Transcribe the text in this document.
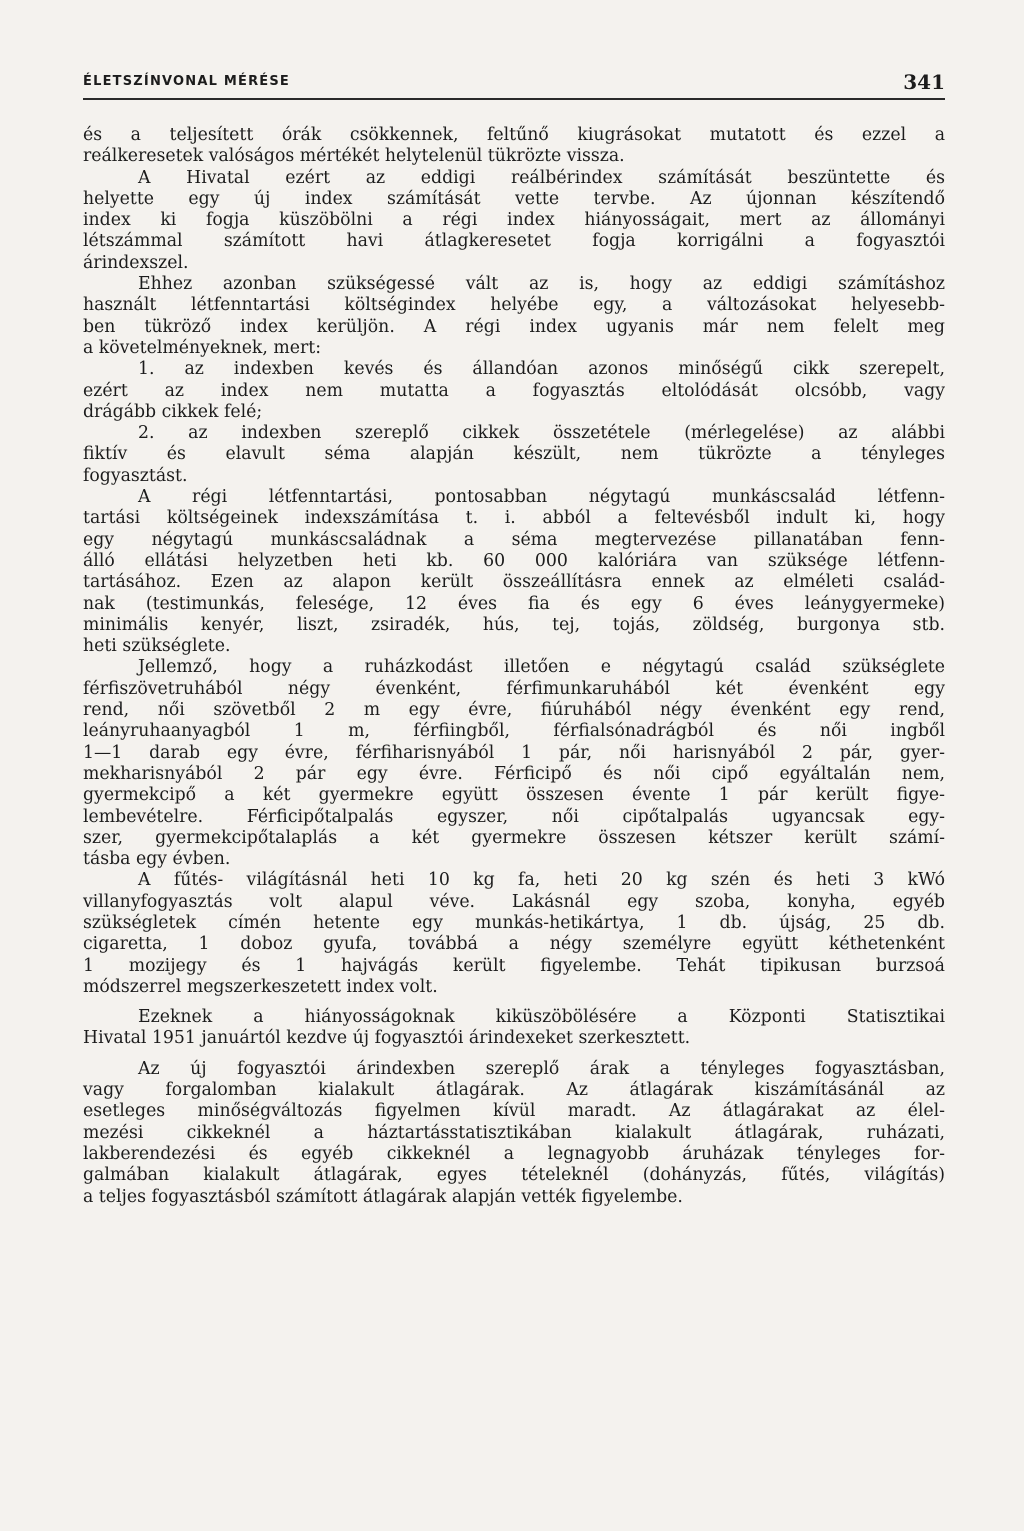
ÉLETSZÍNVONAL MÉRÉSE	341
és a teljesített órák csökkennek, feltűnő kiugrásokat mutatott és ezzel a
reálkeresetek valóságos mértékét helytelenül tükrözte vissza.
A Hivatal ezért az eddigi reálbérindex számítását beszüntette és
helyette egy új index számítását vette tervbe. Az újonnan készítendő
index ki fogja küszöbölni a régi index hiányosságait, mert az állományi
létszámmal számított havi átlagkeresetet fogja korrigálni a fogyasztói
árindexszel.
Ehhez azonban szükségessé vált az is, hogy az eddigi számításhoz
használt létfenntartási költségindex helyébe egy, a változásokat helyesebb-
ben tükröző index kerüljön. A régi index ugyanis már nem felelt meg
a követelményeknek, mert:
1. az indexben kevés és állandóan azonos minőségű cikk szerepelt,
ezért az index nem mutatta a fogyasztás eltolódását olcsóbb, vagy
drágább cikkek felé;
2. az indexben szereplő cikkek összetétele (mérlegelése) az alábbi
fiktív és elavult séma alapján készült, nem tükrözte a tényleges
fogyasztást.
A régi létfenntartási, pontosabban négytagú munkáscsalád létfenn-
tartási költségeinek indexszámítása t. i. abból a feltevésből indult ki, hogy
egy négytagú munkáscsaládnak a séma megtervezése pillanatában fenn-
álló ellátási helyzetben heti kb. 60 000 kalóriára van szüksége létfenn-
tartásához. Ezen az alapon került összeállításra ennek az elméleti család-
nak (testimunkás, felesége, 12 éves fia és egy 6 éves leánygyermeke)
minimális kenyér, liszt, zsiradék, hús, tej, tojás, zöldség, burgonya stb.
heti szükséglete.
Jellemző, hogy a ruházkodást illetően e négytagú család szükséglete
férfiszövetruhából négy évenként, férfimunkaruhából két évenként egy
rend, női szövetből 2 m egy évre, fiúruhából négy évenként egy rend,
leányruhaanyagból 1 m, férfiingből, férfialsónadrágból és női ingből
1—1 darab egy évre, férfiharisnyából 1 pár, női harisnyából 2 pár, gyer-
mekharisnyából 2 pár egy évre. Férficipő és női cipő egyáltalán nem,
gyermekcipő a két gyermekre együtt összesen évente 1 pár került figye-
lembevételre. Férficipőtalpalás egyszer, női cipőtalpalás ugyancsak egy-
szer, gyermekcipőtalaplás a két gyermekre összesen kétszer került számí-
tásba egy évben.
A fűtés- világításnál heti 10 kg fa, heti 20 kg szén és heti 3 kWó
villanyfogyasztás volt alapul véve. Lakásnál egy szoba, konyha, egyéb
szükségletek címén hetente egy munkás-hetikártya, 1 db. újság, 25 db.
cigaretta, 1 doboz gyufa, továbbá a négy személyre együtt kéthetenként
1 mozijegy és 1 hajvágás került figyelembe. Tehát tipikusan burzsoá
módszerrel megszerkeszetett index volt.
Ezeknek a hiányosságoknak kiküszöbölésére a Központi Statisztikai
Hivatal 1951 januártól kezdve új fogyasztói árindexeket szerkesztett.
Az új fogyasztói árindexben szereplő árak a tényleges fogyasztásban,
vagy forgalomban kialakult átlagárak. Az átlagárak kiszámításánál az
esetleges minőségváltozás figyelmen kívül maradt. Az átlagárakat az élel-
mezési cikkeknél a háztartásstatisztikában kialakult átlagárak, ruházati,
lakberendezési és egyéb cikkeknél a legnagyobb áruházak tényleges for-
galmában kialakult átlagárak, egyes tételeknél (dohányzás, fűtés, világítás)
a teljes fogyasztásból számított átlagárak alapján vették figyelembe.
